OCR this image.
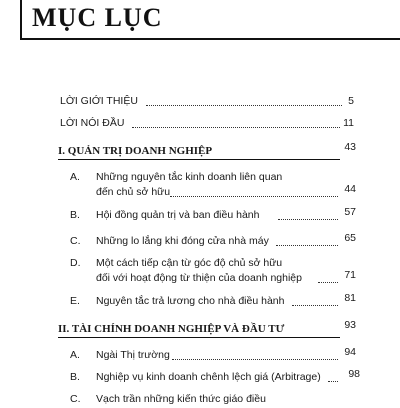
MỤC LỤC
LỜI GIỚI THIỆU	5
LỜI NÓI ĐẦU	11
I. QUẢN TRỊ DOANH NGHIỆP	43
A. Những nguyên tắc kinh doanh liên quan
đến chủ sở hữu	44
B. Hội đồng quản trị và ban điều hành	57
C. Những lo lắng khi đóng cửa nhà máy	65
D. Một cách tiếp cận từ góc độ chủ sở hữu
đối với hoạt động từ thiện của doanh nghiệp	71
E. Nguyên tắc trả lương cho nhà điều hành	81
II. TÀI CHÍNH DOANH NGHIỆP VÀ ĐẦU TƯ	93
A. Ngài Thị trường	94
B. Nghiệp vụ kinh doanh chênh lệch giá (Arbitrage)	98
C. Vạch trần những kiến thức giáo điều
